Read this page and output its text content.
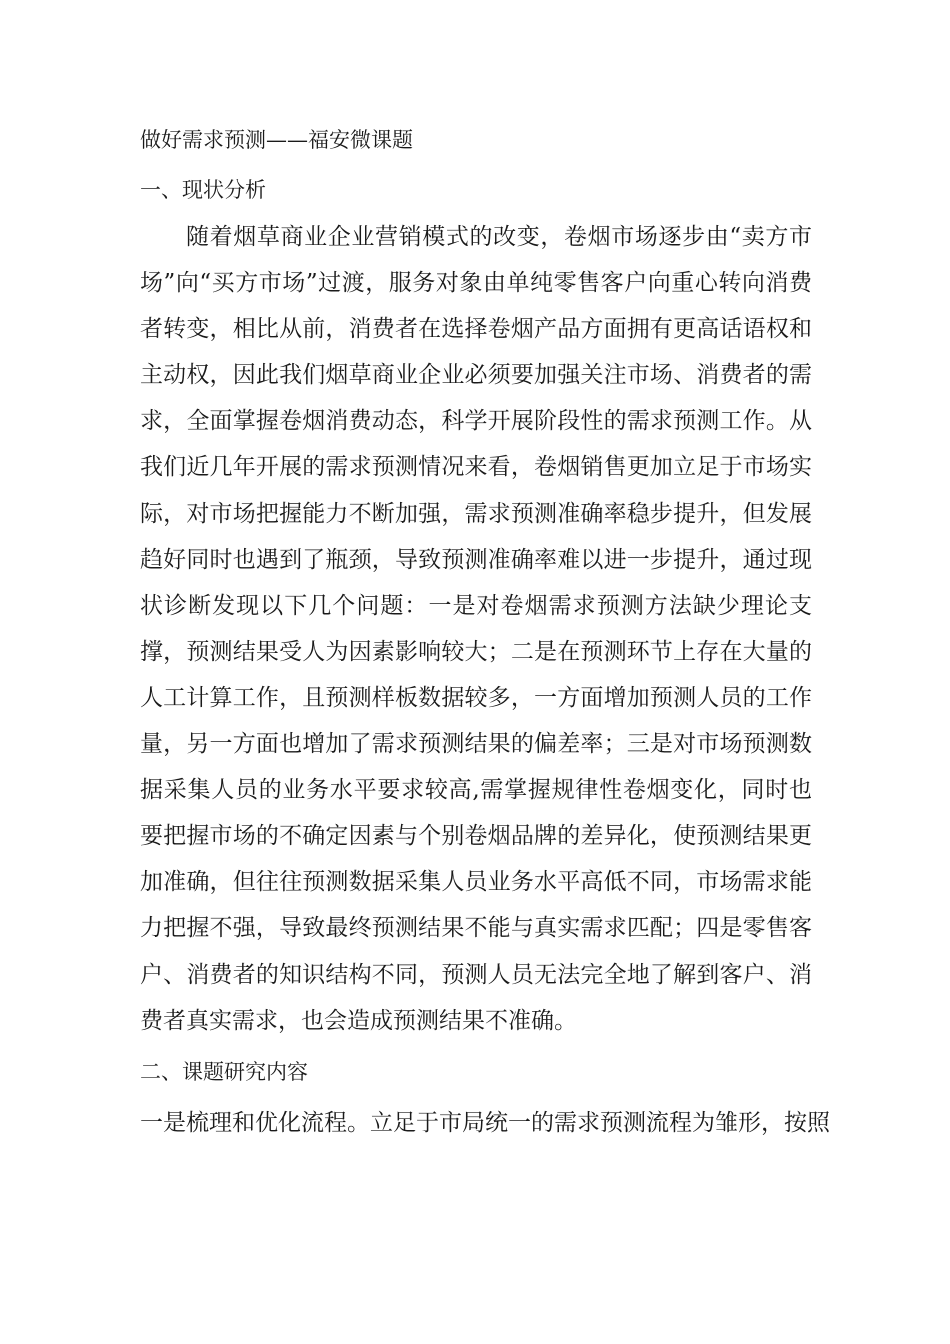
做好需求预测——福安微课题
一、现状分析

随着烟草商业企业营销模式的改变，卷烟市场逐步由“卖方市场”向“买方市场”过渡，服务对象由单纯零售客户向重心转向消费者转变，相比从前，消费者在选择卷烟产品方面拥有更高话语权和主动权，因此我们烟草商业企业必须要加强关注市场、消费者的需求，全面掌握卷烟消费动态，科学开展阶段性的需求预测工作。从我们近几年开展的需求预测情况来看，卷烟销售更加立足于市场实际，对市场把握能力不断加强，需求预测准确率稳步提升，但发展趋好同时也遇到了瓶颈，导致预测准确率难以进一步提升，通过现状诊断发现以下几个问题：一是对卷烟需求预测方法缺少理论支撑，预测结果受人为因素影响较大；二是在预测环节上存在大量的人工计算工作，且预测样板数据较多，一方面增加预测人员的工作量，另一方面也增加了需求预测结果的偏差率；三是对市场预测数据采集人员的业务水平要求较高,需掌握规律性卷烟变化，同时也要把握市场的不确定因素与个别卷烟品牌的差异化，使预测结果更加准确，但往往预测数据采集人员业务水平高低不同，市场需求能力把握不强，导致最终预测结果不能与真实需求匹配；四是零售客户、消费者的知识结构不同，预测人员无法完全地了解到客户、消费者真实需求，也会造成预测结果不准确。

二、课题研究内容

一是梳理和优化流程。立足于市局统一的需求预测流程为雏形，按照
